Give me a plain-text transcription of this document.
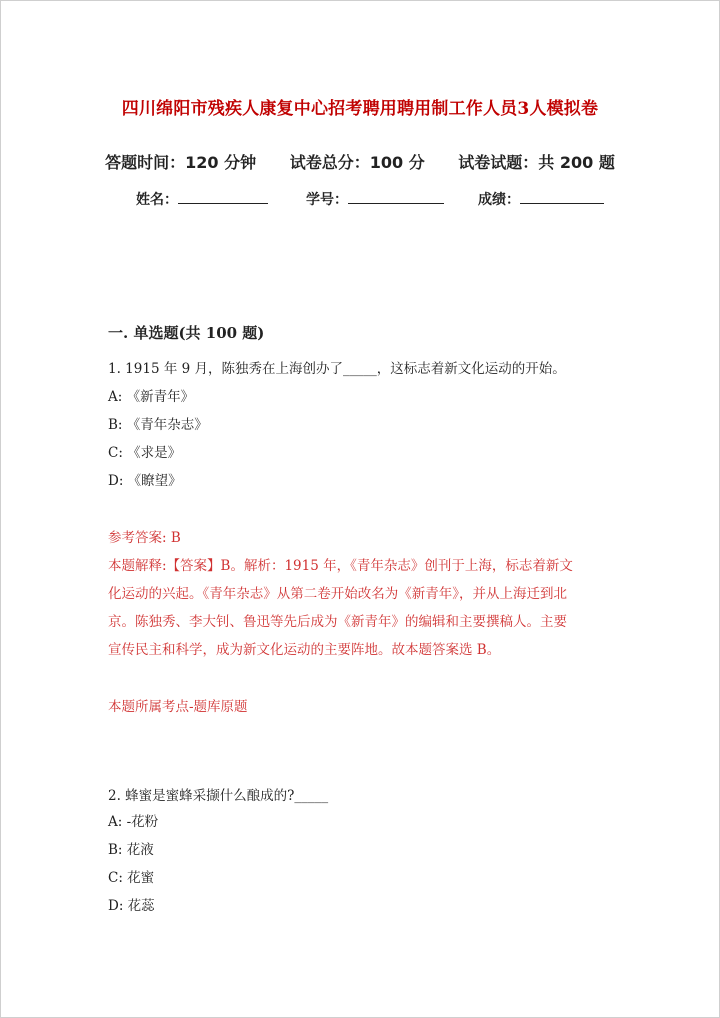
四川绵阳市残疾人康复中心招考聘用聘用制工作人员3人模拟卷
答题时间：120 分钟 试卷总分：100 分 试卷试题：共 200 题
姓名：	学号：	成绩：
一. 单选题(共 100 题)
1. 1915 年 9 月，陈独秀在上海创办了_____，这标志着新文化运动的开始。
A: 《新青年》
B: 《青年杂志》
C: 《求是》
D: 《瞭望》
参考答案: B
本题解释:【答案】B。解析：1915 年，《青年杂志》创刊于上海，标志着新文
化运动的兴起。《青年杂志》从第二卷开始改名为《新青年》，并从上海迁到北
京。陈独秀、李大钊、鲁迅等先后成为《新青年》的编辑和主要撰稿人。主要
宣传民主和科学，成为新文化运动的主要阵地。故本题答案选 B。
本题所属考点-题库原题
2. 蜂蜜是蜜蜂采撷什么酿成的?_____
A: -花粉
B: 花液
C: 花蜜
D: 花蕊
